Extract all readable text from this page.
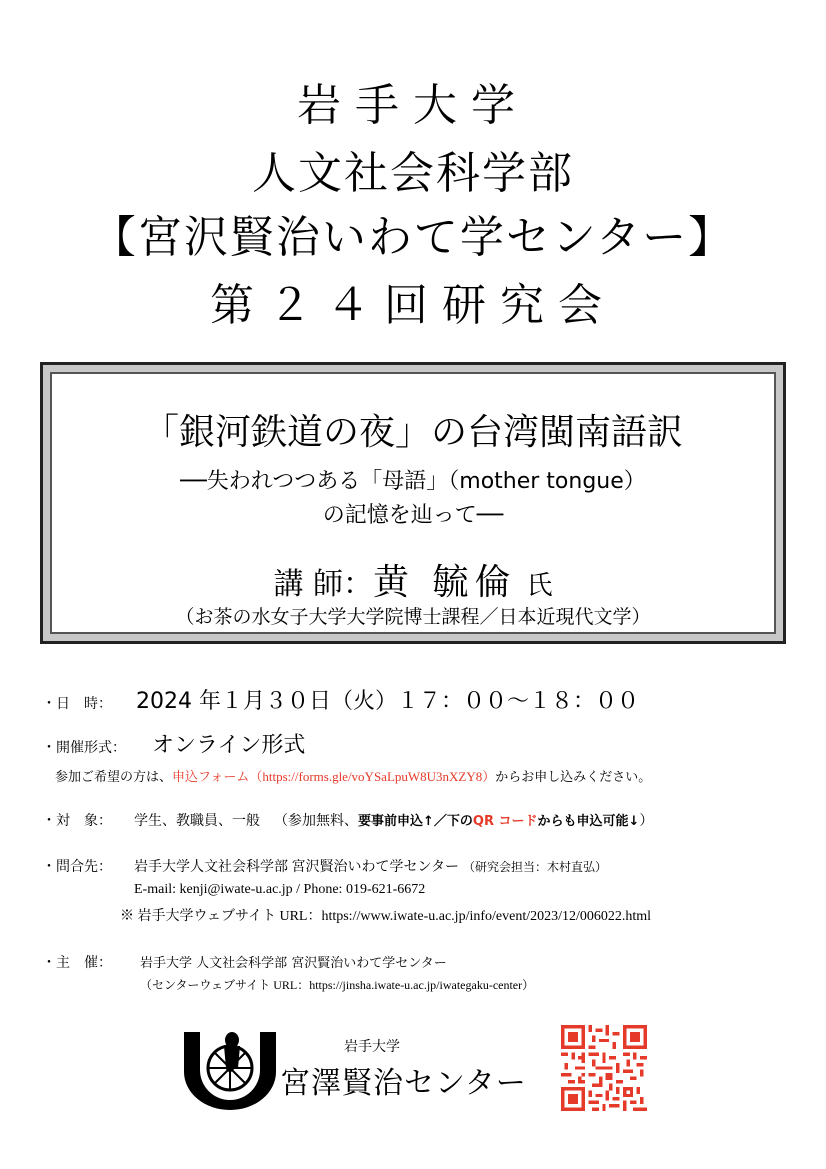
岩手大学
人文社会科学部
【宮沢賢治いわて学センター】
第２４回研究会
「銀河鉄道の夜」の台湾閩南語訳
──失われつつある「母語」（mother tongue）
の記憶を辿って──
講 師：黄 毓倫 氏
（お茶の水女子大学大学院博士課程／日本近現代文学）
・日　時： 2024 年１月３０日（火）１７：００～１８：００
・開催形式： オンライン形式
参加ご希望の方は、申込フォーム（https://forms.gle/voYSaLpuW8U3nXZY8）からお申し込みください。
・対　象： 学生、教職員、一般 （参加無料、要事前申込↑／下のQR コードからも申込可能↓）
・問合先： 岩手大学人文社会科学部 宮沢賢治いわて学センター （研究会担当：木村直弘）
E-mail: kenji@iwate-u.ac.jp / Phone: 019-621-6672
※ 岩手大学ウェブサイト URL：https://www.iwate-u.ac.jp/info/event/2023/12/006022.html
・主　催： 岩手大学 人文社会科学部 宮沢賢治いわて学センター
（センターウェブサイト URL：https://jinsha.iwate-u.ac.jp/iwategaku-center）
岩手大学
宮澤賢治センター
